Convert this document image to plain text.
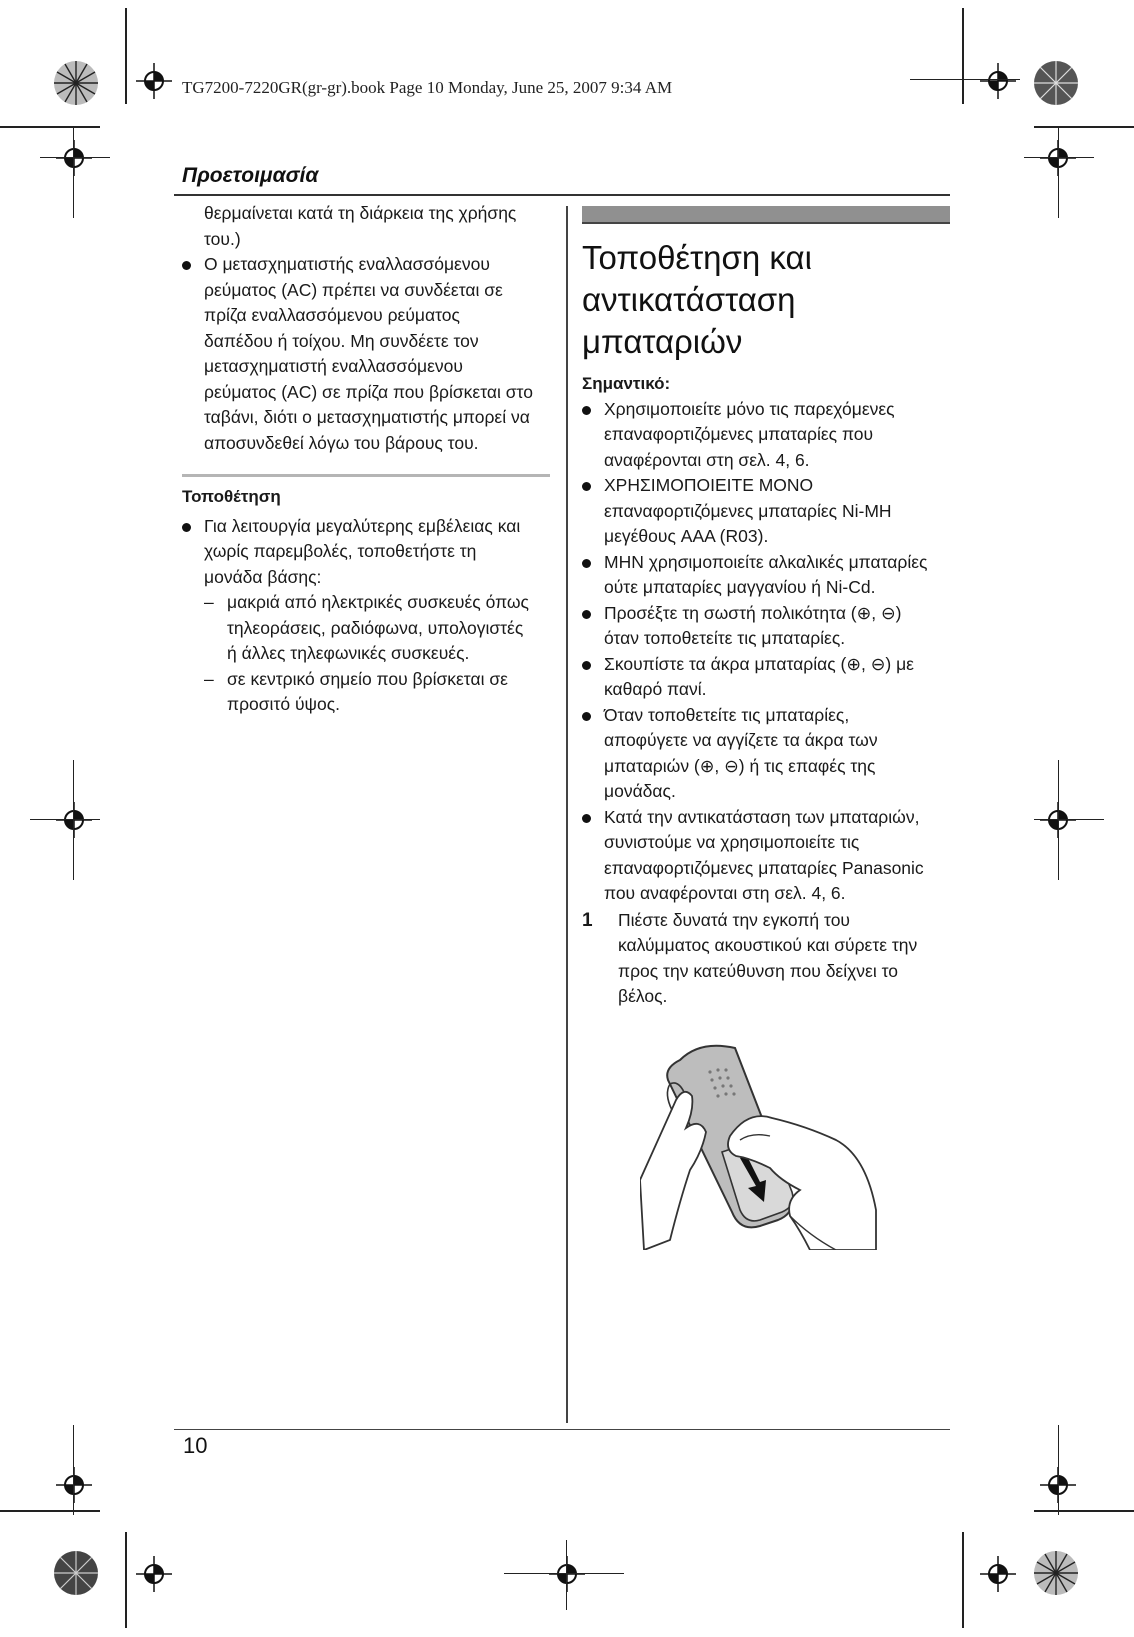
TG7200-7220GR(gr-gr).book Page 10 Monday, June 25, 2007 9:34 AM
Προετοιμασία
θερμαίνεται κατά τη διάρκεια της χρήσης
του.)
Ο μετασχηματιστής εναλλασσόμενου
ρεύματος (AC) πρέπει να συνδέεται σε
πρίζα εναλλασσόμενου ρεύματος
δαπέδου ή τοίχου. Μη συνδέετε τον
μετασχηματιστή εναλλασσόμενου
ρεύματος (AC) σε πρίζα που βρίσκεται στο
ταβάνι, διότι ο μετασχηματιστής μπορεί να
αποσυνδεθεί λόγω του βάρους του.
Τοποθέτηση
Για λειτουργία μεγαλύτερης εμβέλειας και
χωρίς παρεμβολές, τοποθετήστε τη
μονάδα βάσης:
– μακριά από ηλεκτρικές συσκευές όπως
τηλεοράσεις, ραδιόφωνα, υπολογιστές
ή άλλες τηλεφωνικές συσκευές.
– σε κεντρικό σημείο που βρίσκεται σε
προσιτό ύψος.
Τοποθέτηση και
αντικατάσταση
μπαταριών
Σημαντικό:
Χρησιμοποιείτε μόνο τις παρεχόμενες
επαναφορτιζόμενες μπαταρίες που
αναφέρονται στη σελ. 4, 6.
ΧΡΗΣΙΜΟΠΟΙΕΙΤΕ ΜΟΝΟ
επαναφορτιζόμενες μπαταρίες Ni-MH
μεγέθους AAA (R03).
ΜΗΝ χρησιμοποιείτε αλκαλικές μπαταρίες
ούτε μπαταρίες μαγγανίου ή Ni-Cd.
Προσέξτε τη σωστή πολικότητα (⊕, ⊖)
όταν τοποθετείτε τις μπαταρίες.
Σκουπίστε τα άκρα μπαταρίας (⊕, ⊖) με
καθαρό πανί.
Όταν τοποθετείτε τις μπαταρίες,
αποφύγετε να αγγίζετε τα άκρα των
μπαταριών (⊕, ⊖) ή τις επαφές της
μονάδας.
Κατά την αντικατάσταση των μπαταριών,
συνιστούμε να χρησιμοποιείτε τις
επαναφορτιζόμενες μπαταρίες Panasonic
που αναφέρονται στη σελ. 4, 6.
1 Πιέστε δυνατά την εγκοπή του
καλύμματος ακουστικού και σύρετε την
προς την κατεύθυνση που δείχνει το
βέλος.
10
